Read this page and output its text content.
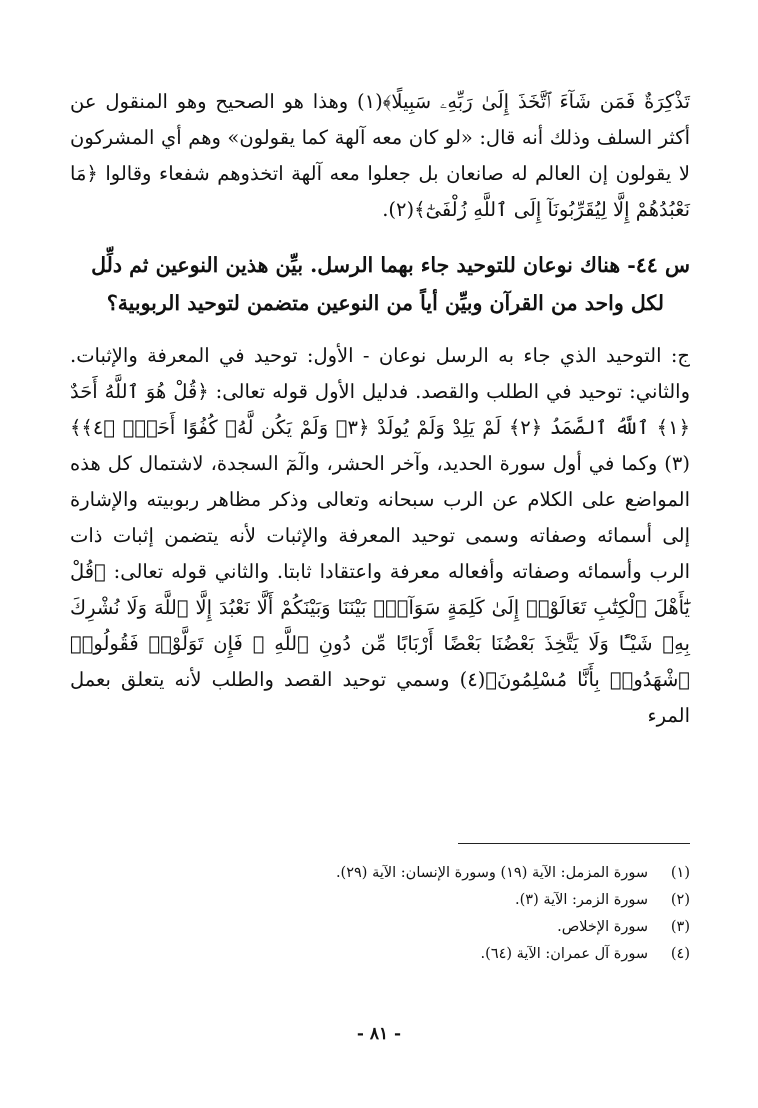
تَذْكِرَةٌ فَمَن شَآءَ ٱتَّخَذَ إِلَىٰ رَبِّهِۦ سَبِيلًا﴾(١) وهذا هو الصحيح وهو المنقول عن أكثر السلف وذلك أنه قال: «لو كان معه آلهة كما يقولون» وهم أي المشركون لا يقولون إن العالم له صانعان بل جعلوا معه آلهة اتخذوهم شفعاء وقالوا ﴿مَا نَعْبُدُهُمْ إِلَّا لِيُقَرِّبُونَآ إِلَى ٱللَّهِ زُلْفَىٰٓ﴾(٢).

س ٤٤- هناك نوعان للتوحيد جاء بهما الرسل. بيِّن هذين النوعين ثم دلِّل
لكل واحد من القرآن وبيِّن أياً من النوعين متضمن لتوحيد الربوبية؟

ج: التوحيد الذي جاء به الرسل نوعان - الأول: توحيد في المعرفة والإثبات. والثاني: توحيد في الطلب والقصد. فدليل الأول قوله تعالى: ﴿قُلْ هُوَ ٱللَّهُ أَحَدٌ ﴿١﴾ ٱللَّهُ ٱلصَّمَدُ ﴿٢﴾ لَمْ يَلِدْ وَلَمْ يُولَدْ ﴿٣﴾ وَلَمْ يَكُن لَّهُۥ كُفُوًا أَحَدٌۢ ﴿٤﴾﴾(٣) وكما في أول سورة الحديد، وآخر الحشر، والٓمٓ السجدة، لاشتمال كل هذه المواضع على الكلام عن الرب سبحانه وتعالى وذكر مظاهر ربوبيته والإشارة إلى أسمائه وصفاته وسمى توحيد المعرفة والإثبات لأنه يتضمن إثبات ذات الرب وأسمائه وصفاته وأفعاله معرفة واعتقادا ثابتا. والثاني قوله تعالى: ﴿قُلْ يَٰٓأَهْلَ ٱلْكِتَٰبِ تَعَالَوْا۟ إِلَىٰ كَلِمَةٍ سَوَآءٍۭ بَيْنَنَا وَبَيْنَكُمْ أَلَّا نَعْبُدَ إِلَّا ٱللَّهَ وَلَا نُشْرِكَ بِهِۦ شَيْـًٔا وَلَا يَتَّخِذَ بَعْضُنَا بَعْضًا أَرْبَابًا مِّن دُونِ ٱللَّهِ ۚ فَإِن تَوَلَّوْا۟ فَقُولُوا۟ ٱشْهَدُوا۟ بِأَنَّا مُسْلِمُونَ﴾(٤) وسمي توحيد القصد والطلب لأنه يتعلق بعمل المرء

(١)
سورة المزمل: الآية (١٩) وسورة الإنسان: الآية (٢٩).
(٢)
سورة الزمر: الآية (٣).
(٣)
سورة الإخلاص.
(٤)
سورة آل عمران: الآية (٦٤).
- ٨١ -
